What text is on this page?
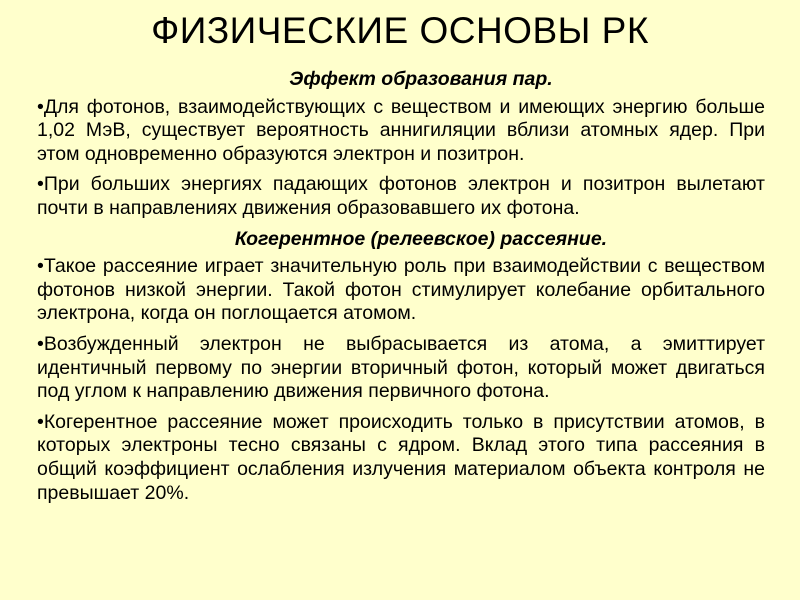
ФИЗИЧЕСКИЕ ОСНОВЫ РК
Эффект образования пар.
•Для фотонов, взаимодействующих с веществом и имеющих энергию больше 1,02 МэВ, существует вероятность аннигиляции вблизи атомных ядер. При этом одновременно образуются электрон и позитрон.
•При больших энергиях падающих фотонов электрон и позитрон вылетают почти в направлениях движения образовавшего их фотона.
Когерентное (релеевское) рассеяние.
•Такое рассеяние играет значительную роль при взаимодействии с веществом фотонов низкой энергии. Такой фотон стимулирует колебание орбитального электрона, когда он поглощается атомом.
•Возбужденный электрон не выбрасывается из атома, а эмиттирует идентичный первому по энергии вторичный фотон, который может двигаться под углом к направлению движения первичного фотона.
•Когерентное рассеяние может происходить только в присутствии атомов, в которых электроны тесно связаны с ядром. Вклад этого типа рассеяния в общий коэффициент ослабления излучения материалом объекта контроля не превышает 20%.
